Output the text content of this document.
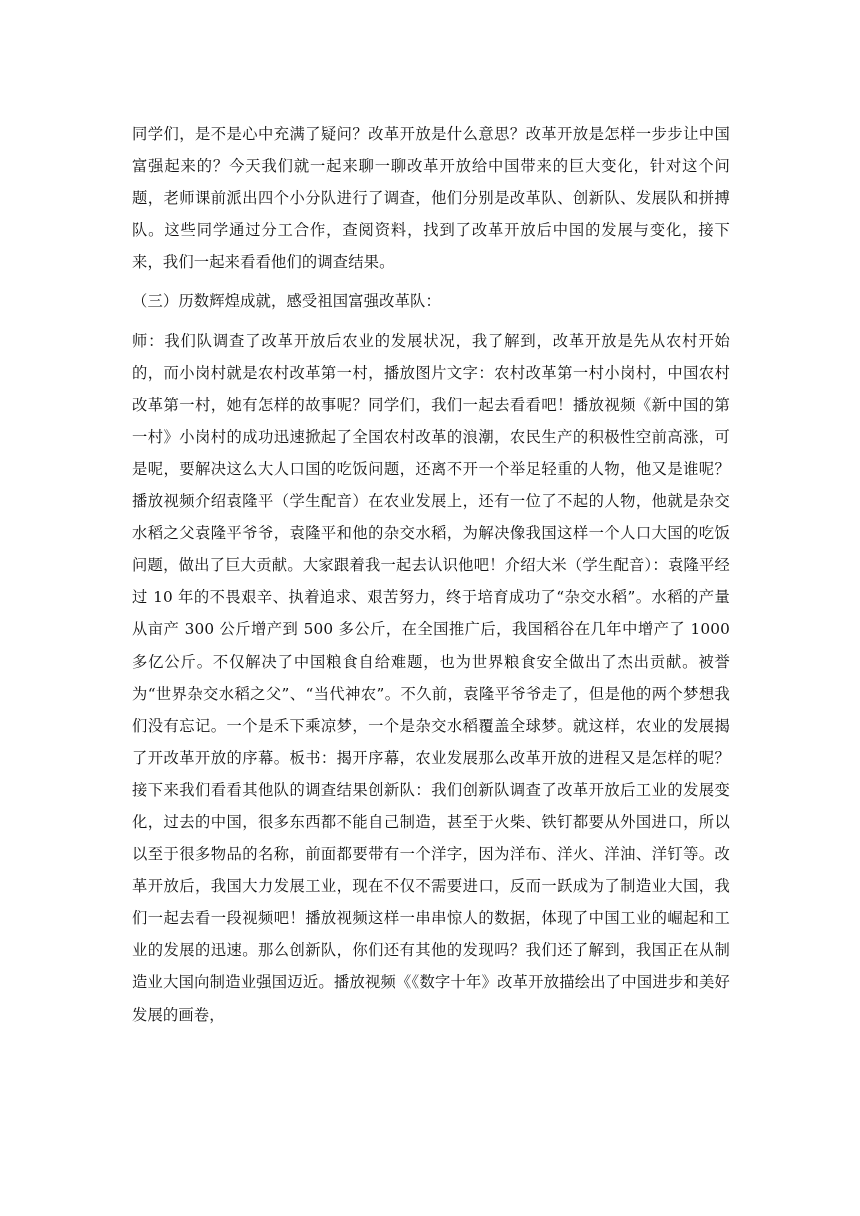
同学们，是不是心中充满了疑问？改革开放是什么意思？改革开放是怎样一步步让中国富强起来的？今天我们就一起来聊一聊改革开放给中国带来的巨大变化，针对这个问题，老师课前派出四个小分队进行了调查，他们分别是改革队、创新队、发展队和拼搏队。这些同学通过分工合作，查阅资料，找到了改革开放后中国的发展与变化，接下来，我们一起来看看他们的调查结果。

（三）历数辉煌成就，感受祖国富强改革队：

师：我们队调查了改革开放后农业的发展状况，我了解到，改革开放是先从农村开始的，而小岗村就是农村改革第一村，播放图片文字：农村改革第一村小岗村，中国农村改革第一村，她有怎样的故事呢？同学们，我们一起去看看吧！播放视频《新中国的第一村》小岗村的成功迅速掀起了全国农村改革的浪潮，农民生产的积极性空前高涨，可是呢，要解决这么大人口国的吃饭问题，还离不开一个举足轻重的人物，他又是谁呢？播放视频介绍袁隆平（学生配音）在农业发展上，还有一位了不起的人物，他就是杂交水稻之父袁隆平爷爷，袁隆平和他的杂交水稻，为解决像我国这样一个人口大国的吃饭问题，做出了巨大贡献。大家跟着我一起去认识他吧！介绍大米（学生配音）：袁隆平经过 10 年的不畏艰辛、执着追求、艰苦努力，终于培育成功了“杂交水稻”。水稻的产量从亩产 300 公斤增产到 500 多公斤，在全国推广后，我国稻谷在几年中增产了 1000 多亿公斤。不仅解决了中国粮食自给难题，也为世界粮食安全做出了杰出贡献。被誉为“世界杂交水稻之父”、“当代神农”。不久前，袁隆平爷爷走了，但是他的两个梦想我们没有忘记。一个是禾下乘凉梦，一个是杂交水稻覆盖全球梦。就这样，农业的发展揭了开改革开放的序幕。板书：揭开序幕，农业发展那么改革开放的进程又是怎样的呢？接下来我们看看其他队的调查结果创新队：我们创新队调查了改革开放后工业的发展变化，过去的中国，很多东西都不能自己制造，甚至于火柴、铁钉都要从外国进口，所以以至于很多物品的名称，前面都要带有一个洋字，因为洋布、洋火、洋油、洋钉等。改革开放后，我国大力发展工业，现在不仅不需要进口，反而一跃成为了制造业大国，我们一起去看一段视频吧！播放视频这样一串串惊人的数据，体现了中国工业的崛起和工业的发展的迅速。那么创新队，你们还有其他的发现吗？我们还了解到，我国正在从制造业大国向制造业强国迈近。播放视频《《数字十年》改革开放描绘出了中国进步和美好发展的画卷，
